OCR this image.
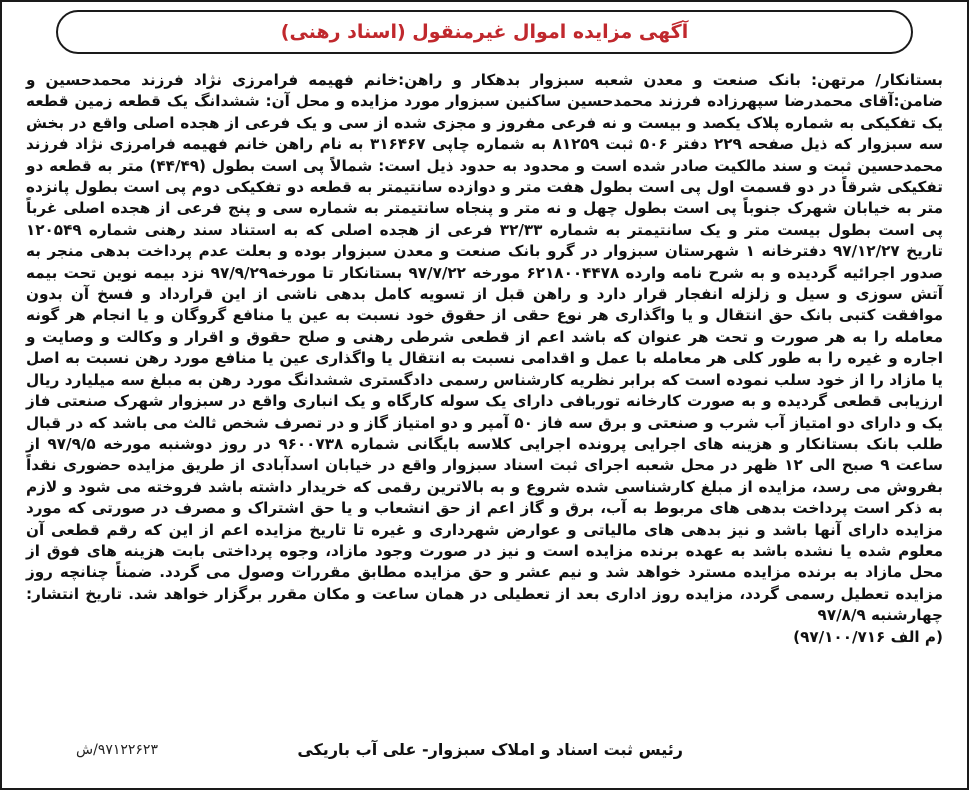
آگهی مزایده اموال غیرمنقول (اسناد رهنی)
بستانکار/ مرتهن: بانک صنعت و معدن شعبه سبزوار بدهکار و راهن:خانم فهیمه فرامرزی نژاد فرزند محمدحسین و ضامن:آقای محمدرضا سپهرزاده فرزند محمدحسین ساکنین سبزوار مورد مزایده و محل آن: ششدانگ یک قطعه زمین قطعه یک تفکیکی به شماره پلاک یکصد و بیست و نه فرعی مفروز و مجزی شده از سی و یک فرعی از هجده اصلی واقع در بخش سه سبزوار که ذیل صفحه ۲۲۹ دفتر ۵۰۶ ثبت ۸۱۲۵۹ به شماره چاپی ۳۱۶۴۶۷ به نام راهن خانم فهیمه فرامرزی نژاد فرزند محمدحسین ثبت و سند مالکیت صادر شده است و محدود به حدود ذیل است: شمالاً پی است بطول (۴۴/۴۹) متر به قطعه دو تفکیکی شرقاً در دو قسمت اول پی است بطول هفت متر و دوازده سانتیمتر به قطعه دو تفکیکی دوم پی است بطول پانزده متر به خیابان شهرک جنوباً پی است بطول چهل و نه متر و پنجاه سانتیمتر به شماره سی و پنج فرعی از هجده اصلی غرباً پی است بطول بیست متر و یک سانتیمتر به شماره ۳۲/۳۳ فرعی از هجده اصلی که به استناد سند رهنی شماره ۱۲۰۵۴۹ تاریخ ۹۷/۱۲/۲۷ دفترخانه ۱ شهرستان سبزوار در گرو بانک صنعت و معدن سبزوار بوده و بعلت عدم پرداخت بدهی منجر به صدور اجرائیه گردیده و به شرح نامه وارده ۶۲۱۸۰۰۴۴۷۸ مورخه ۹۷/۷/۲۲ بستانکار تا مورخه۹۷/۹/۲۹ نزد بیمه نوین تحت بیمه آتش سوزی و سیل و زلزله انفجار قرار دارد و راهن قبل از تسویه کامل بدهی ناشی از این قرارداد و فسخ آن بدون موافقت کتبی بانک حق انتقال و یا واگذاری هر نوع حقی از حقوق خود نسبت به عین یا منافع گروگان و یا انجام هر گونه معامله را به هر صورت و تحت هر عنوان که باشد اعم از قطعی شرطی رهنی و صلح حقوق و اقرار و وکالت و وصایت و اجاره و غیره را به طور کلی هر معامله با عمل و اقدامی نسبت به انتقال یا واگذاری عین یا منافع مورد رهن نسبت به اصل یا مازاد را از خود سلب نموده است که برابر نظریه کارشناس رسمی دادگستری ششدانگ مورد رهن به مبلغ سه میلیارد ریال ارزیابی قطعی گردیده و به صورت کارخانه توربافی دارای یک سوله کارگاه و یک انباری واقع در سبزوار شهرک صنعتی فاز یک و دارای دو امتیاز آب شرب و صنعتی و برق سه فاز ۵۰ آمپر و دو امتیاز گاز و در تصرف شخص ثالث می باشد که در قبال طلب بانک بستانکار و هزینه های اجرایی پرونده اجرایی کلاسه بایگانی شماره ۹۶۰۰۷۳۸ در روز دوشنبه مورخه ۹۷/۹/۵ از ساعت ۹ صبح الی ۱۲ ظهر در محل شعبه اجرای ثبت اسناد سبزوار واقع در خیابان اسدآبادی از طریق مزایده حضوری نقداً بفروش می رسد، مزایده از مبلغ کارشناسی شده شروع و به بالاترین رقمی که خریدار داشته باشد فروخته می شود و لازم به ذکر است پرداخت بدهی های مربوط به آب، برق و گاز اعم از حق انشعاب و یا حق اشتراک و مصرف در صورتی که مورد مزایده دارای آنها باشد و نیز بدهی های مالیاتی و عوارض شهرداری و غیره تا تاریخ مزایده اعم از این که رقم قطعی آن معلوم شده یا نشده باشد به عهده برنده مزایده است و نیز در صورت وجود مازاد، وجوه پرداختی بابت هزینه های فوق از محل مازاد به برنده مزایده مسترد خواهد شد و نیم عشر و حق مزایده مطابق مقررات وصول می گردد. ضمناً چنانچه روز مزایده تعطیل رسمی گردد، مزایده روز اداری بعد از تعطیلی در همان ساعت و مکان مقرر برگزار خواهد شد. تاریخ انتشار: چهارشنبه ۹۷/۸/۹
(م الف ۹۷/۱۰۰/۷۱۶)
رئیس ثبت اسناد و املاک سبزوار- علی آب باریکی
۹۷۱۲۲۶۲۳/ش
